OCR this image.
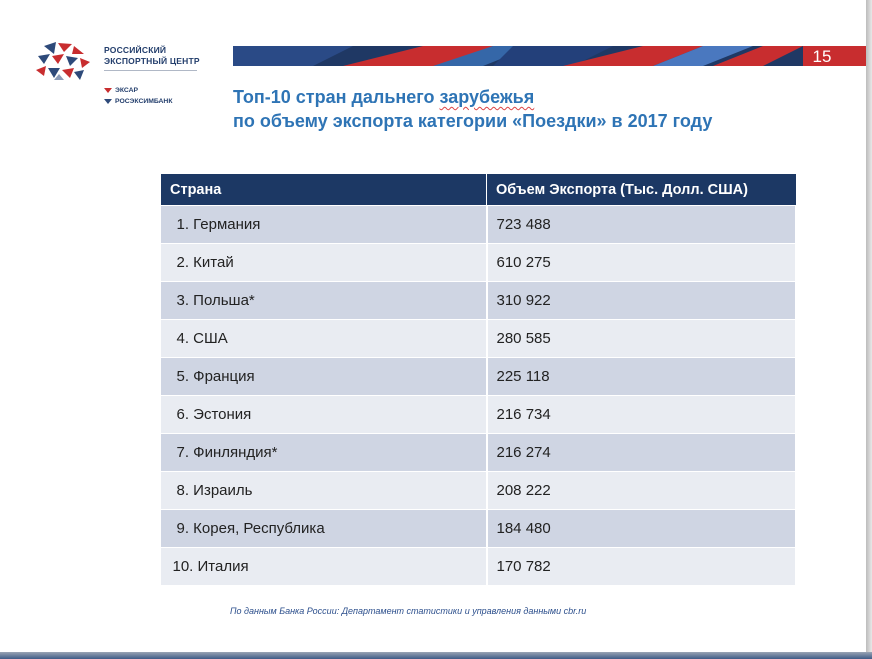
РОССИЙСКИЙ
ЭКСПОРТНЫЙ ЦЕНТР
ЭКСАР
РОСЭКСИМБАНК
15
Топ-10 стран дальнего зарубежья
по объему экспорта категории «Поездки» в 2017 году
Страна	Объем Экспорта (Тыс. Долл. США)
1. Германия	723 488
2. Китай	610 275
3. Польша*	310 922
4. США	280 585
5. Франция	225 118
6. Эстония	216 734
7. Финляндия*	216 274
8. Израиль	208 222
9. Корея, Республика	184 480
10. Италия	170 782
По данным Банка России: Департамент статистики и управления данными cbr.ru
